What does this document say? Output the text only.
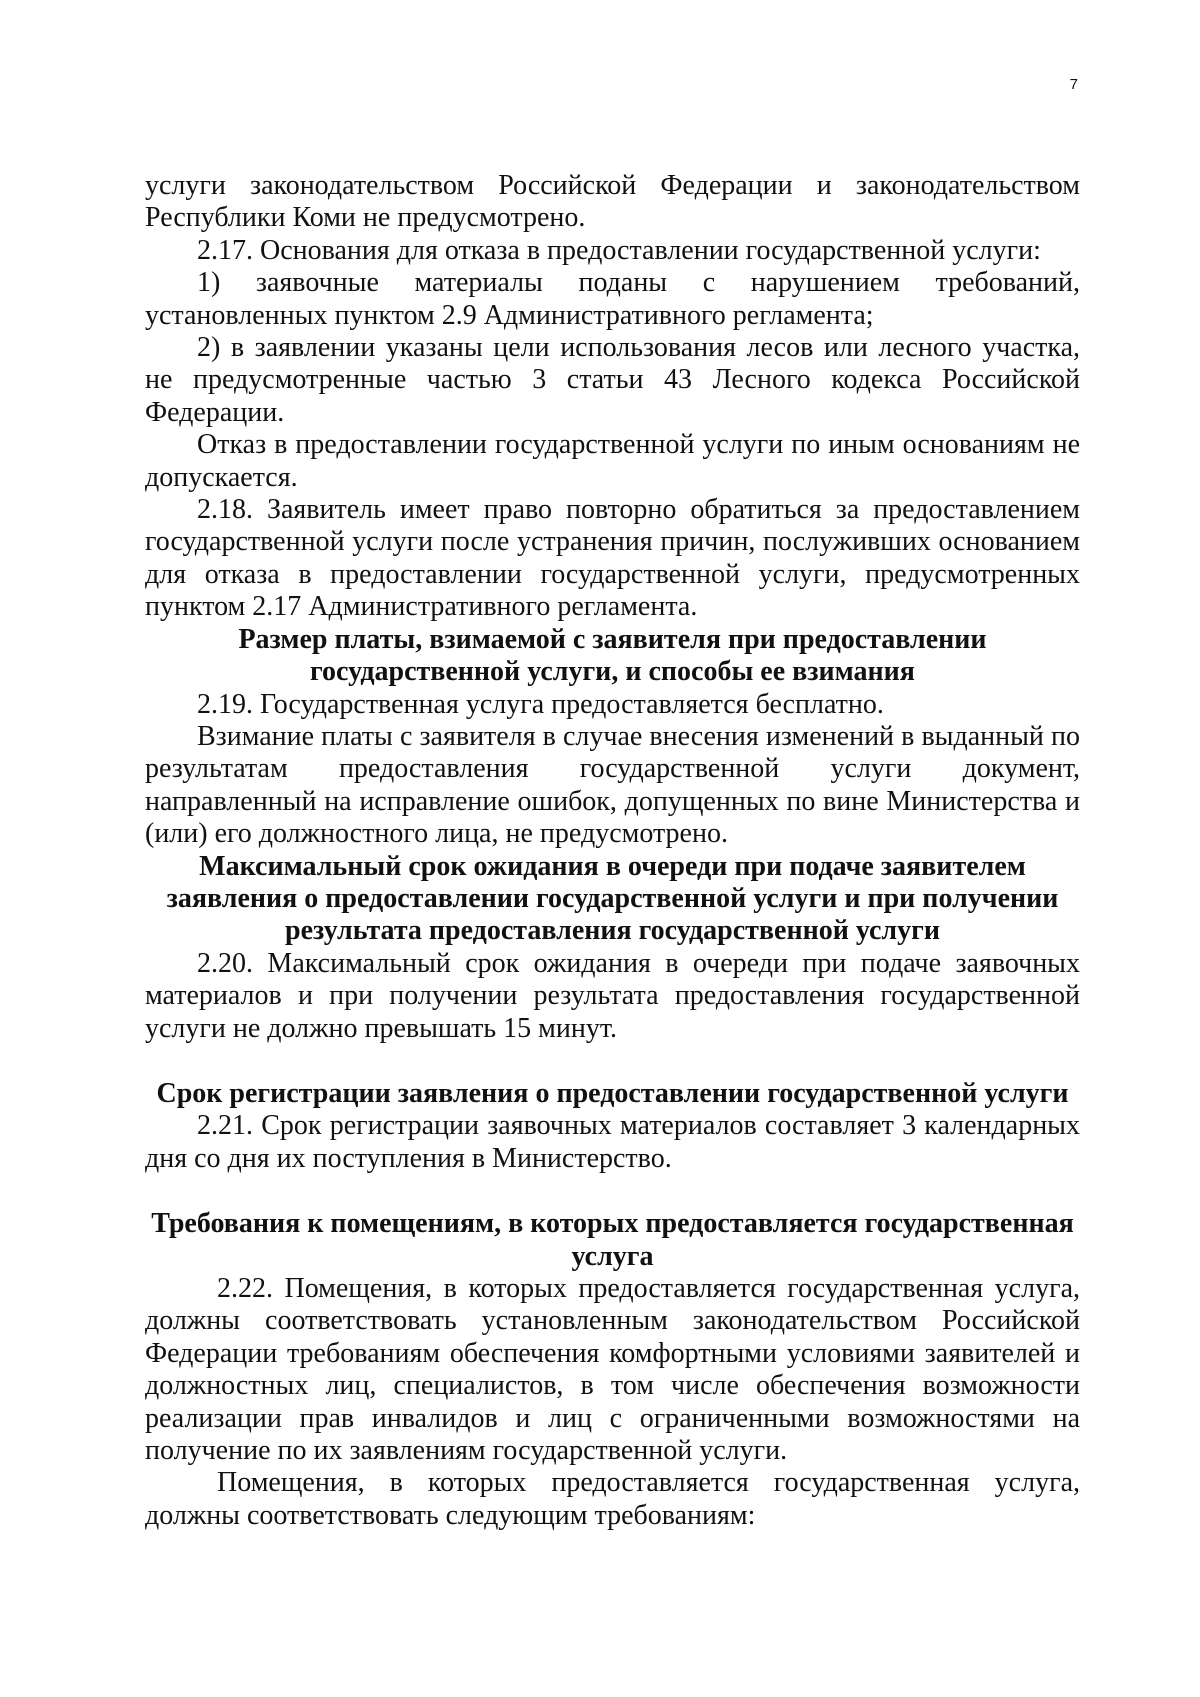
7

услуги законодательством Российской Федерации и законодательством Республики Коми не предусмотрено.

2.17. Основания для отказа в предоставлении государственной услуги:

1) заявочные материалы поданы с нарушением требований, установленных пунктом 2.9 Административного регламента;

2) в заявлении указаны цели использования лесов или лесного участка, не предусмотренные частью 3 статьи 43 Лесного кодекса Российской Федерации.

Отказ в предоставлении государственной услуги по иным основаниям не допускается.

2.18. Заявитель имеет право повторно обратиться за предоставлением государственной услуги после устранения причин, послуживших основанием для отказа в предоставлении государственной услуги, предусмотренных пунктом 2.17 Административного регламента.

Размер платы, взимаемой с заявителя при предоставлении государственной услуги, и способы ее взимания

2.19. Государственная услуга предоставляется бесплатно.

Взимание платы с заявителя в случае внесения изменений в выданный по результатам предоставления государственной услуги документ, направленный на исправление ошибок, допущенных по вине Министерства и (или) его должностного лица, не предусмотрено.

Максимальный срок ожидания в очереди при подаче заявителем заявления о предоставлении государственной услуги и при получении результата предоставления государственной услуги

2.20. Максимальный срок ожидания в очереди при подаче заявочных материалов и при получении результата предоставления государственной услуги не должно превышать 15 минут.

Срок регистрации заявления о предоставлении государственной услуги

2.21. Срок регистрации заявочных материалов составляет 3 календарных дня со дня их поступления в Министерство.

Требования к помещениям, в которых предоставляется государственная услуга

2.22. Помещения, в которых предоставляется государственная услуга, должны соответствовать установленным законодательством Российской Федерации требованиям обеспечения комфортными условиями заявителей и должностных лиц, специалистов, в том числе обеспечения возможности реализации прав инвалидов и лиц с ограниченными возможностями на получение по их заявлениям государственной услуги.

Помещения, в которых предоставляется государственная услуга, должны соответствовать следующим требованиям:
